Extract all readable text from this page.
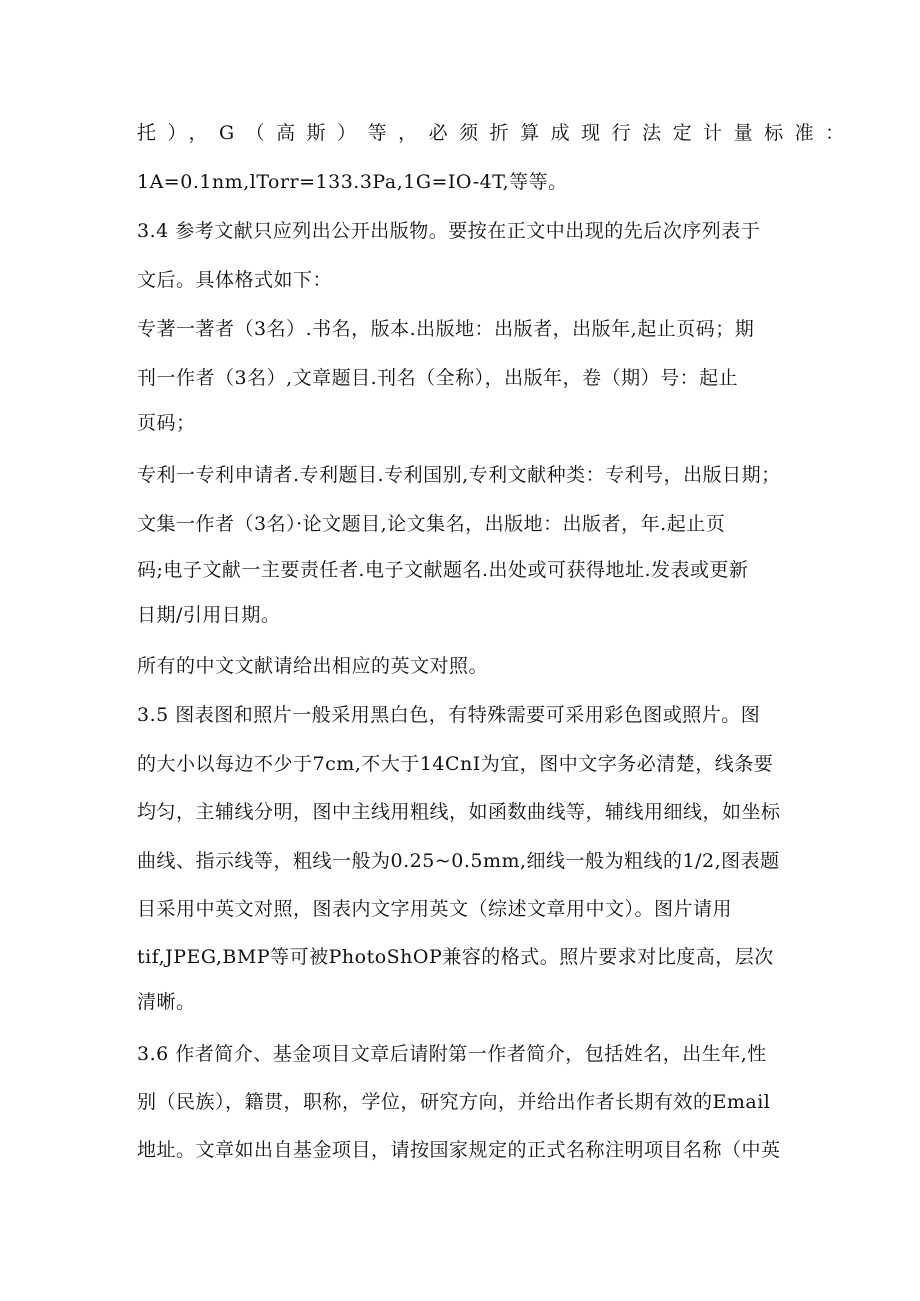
托），G（高斯）等，必须折算成现行法定计量标准：
1A=0.1nm,lTorr=133.3Pa,1G=IO-4T,等等。
3.4 参考文献只应列出公开出版物。要按在正文中出现的先后次序列表于
文后。具体格式如下：
专著一著者（3名）.书名，版本.出版地：出版者，出版年,起止页码；期
刊一作者（3名）,文章题目.刊名（全称），出版年，卷（期）号：起止
页码；
专利一专利申请者.专利题目.专利国别,专利文献种类：专利号，出版日期；
文集一作者（3名）·论文题目,论文集名，出版地：出版者，年.起止页
码;电子文献一主要责任者.电子文献题名.出处或可获得地址.发表或更新
日期/引用日期。
所有的中文文献请给出相应的英文对照。
3.5 图表图和照片一般采用黑白色，有特殊需要可采用彩色图或照片。图
的大小以每边不少于7cm,不大于14CnI为宜，图中文字务必清楚，线条要
均匀，主辅线分明，图中主线用粗线，如函数曲线等，辅线用细线，如坐标
曲线、指示线等，粗线一般为0.25~0.5mm,细线一般为粗线的1/2,图表题
目采用中英文对照，图表内文字用英文（综述文章用中文）。图片请用
tif,JPEG,BMP等可被PhotoShOP兼容的格式。照片要求对比度高，层次
清晰。
3.6 作者简介、基金项目文章后请附第一作者简介，包括姓名，出生年,性
别（民族），籍贯，职称，学位，研究方向，并给出作者长期有效的Email
地址。文章如出自基金项目，请按国家规定的正式名称注明项目名称（中英
